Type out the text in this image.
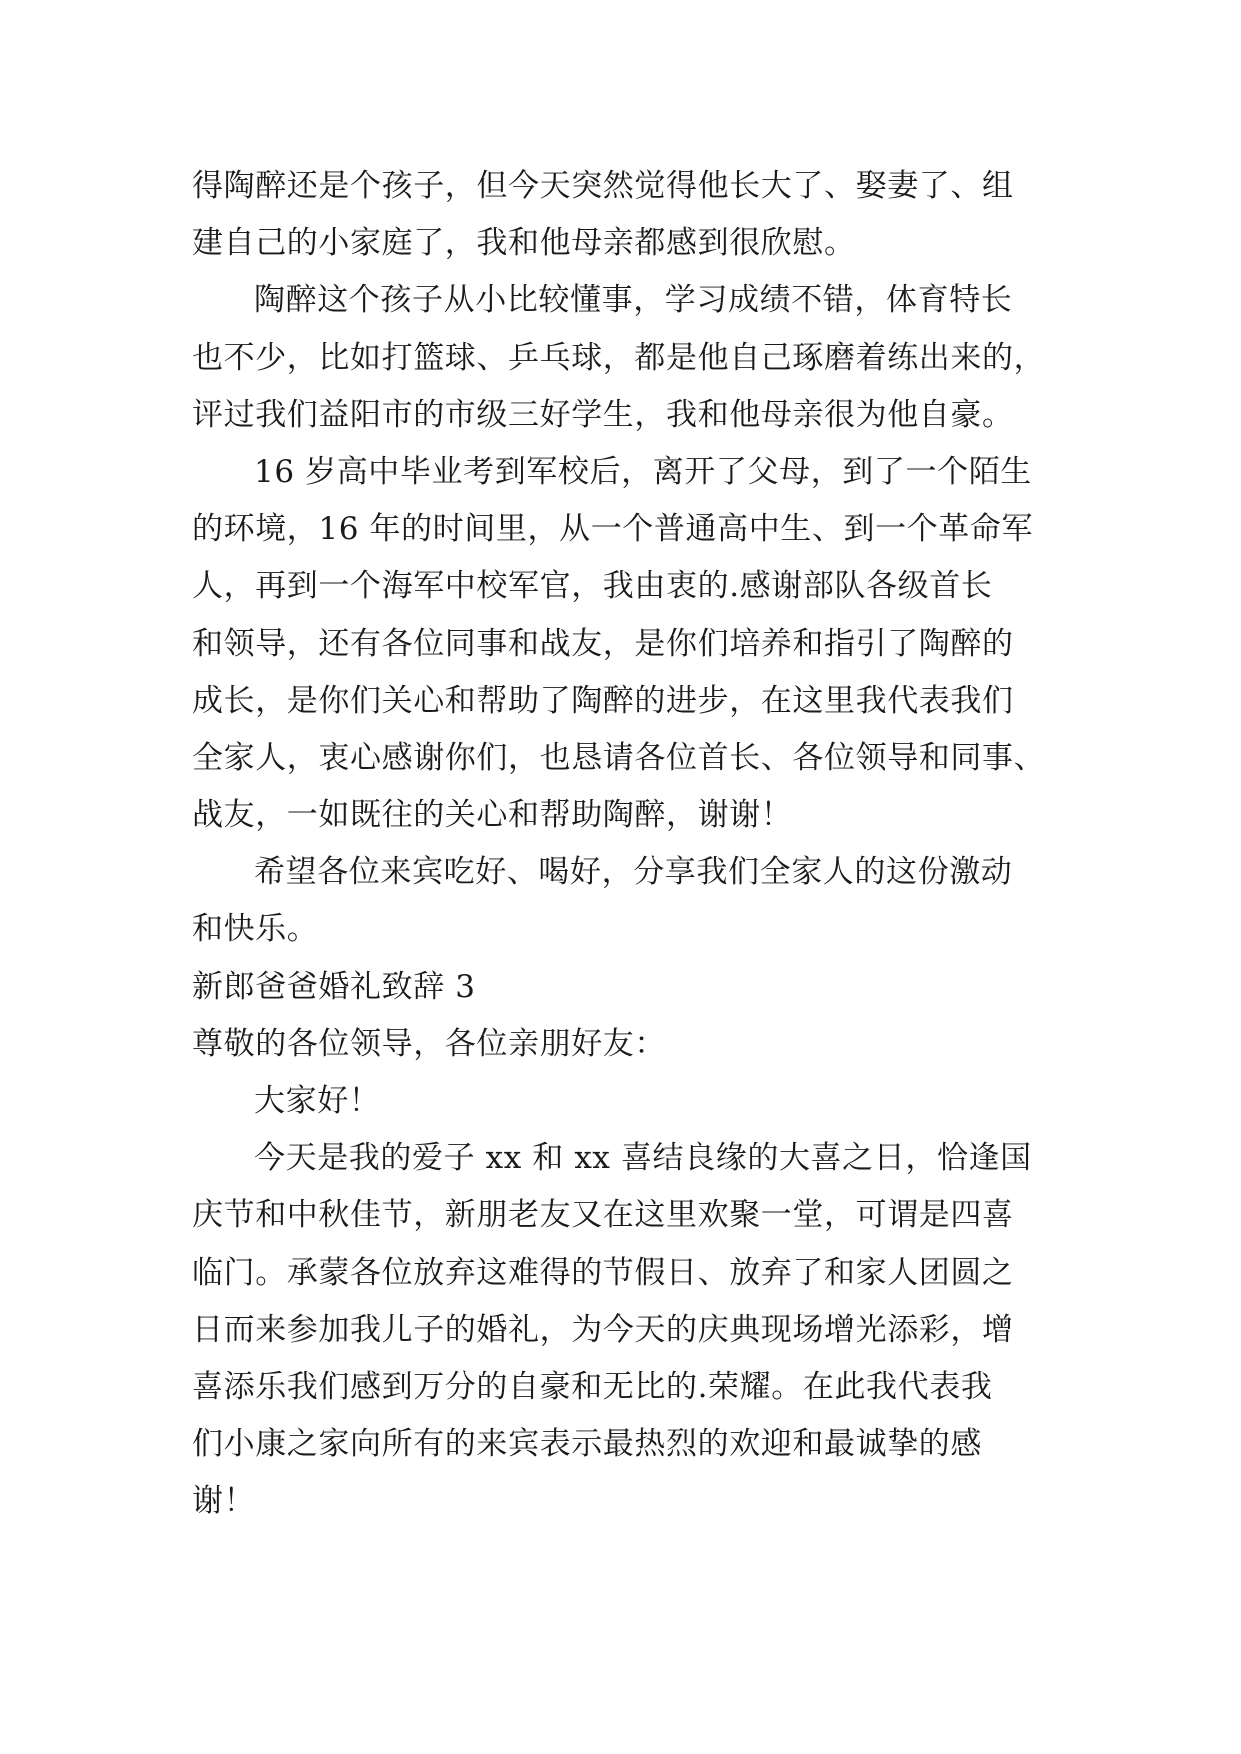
得陶醉还是个孩子，但今天突然觉得他长大了、娶妻了、组
建自己的小家庭了，我和他母亲都感到很欣慰。
陶醉这个孩子从小比较懂事，学习成绩不错，体育特长
也不少，比如打篮球、乒乓球，都是他自己琢磨着练出来的，
评过我们益阳市的市级三好学生，我和他母亲很为他自豪。
16 岁高中毕业考到军校后，离开了父母，到了一个陌生
的环境，16 年的时间里，从一个普通高中生、到一个革命军
人，再到一个海军中校军官，我由衷的.感谢部队各级首长
和领导，还有各位同事和战友，是你们培养和指引了陶醉的
成长，是你们关心和帮助了陶醉的进步，在这里我代表我们
全家人，衷心感谢你们，也恳请各位首长、各位领导和同事、
战友，一如既往的关心和帮助陶醉，谢谢！
希望各位来宾吃好、喝好，分享我们全家人的这份激动
和快乐。
新郎爸爸婚礼致辞 3
尊敬的各位领导，各位亲朋好友：
大家好！
今天是我的爱子 xx 和 xx 喜结良缘的大喜之日，恰逢国
庆节和中秋佳节，新朋老友又在这里欢聚一堂，可谓是四喜
临门。承蒙各位放弃这难得的节假日、放弃了和家人团圆之
日而来参加我儿子的婚礼，为今天的庆典现场增光添彩，增
喜添乐我们感到万分的自豪和无比的.荣耀。在此我代表我
们小康之家向所有的来宾表示最热烈的欢迎和最诚挚的感
谢！
